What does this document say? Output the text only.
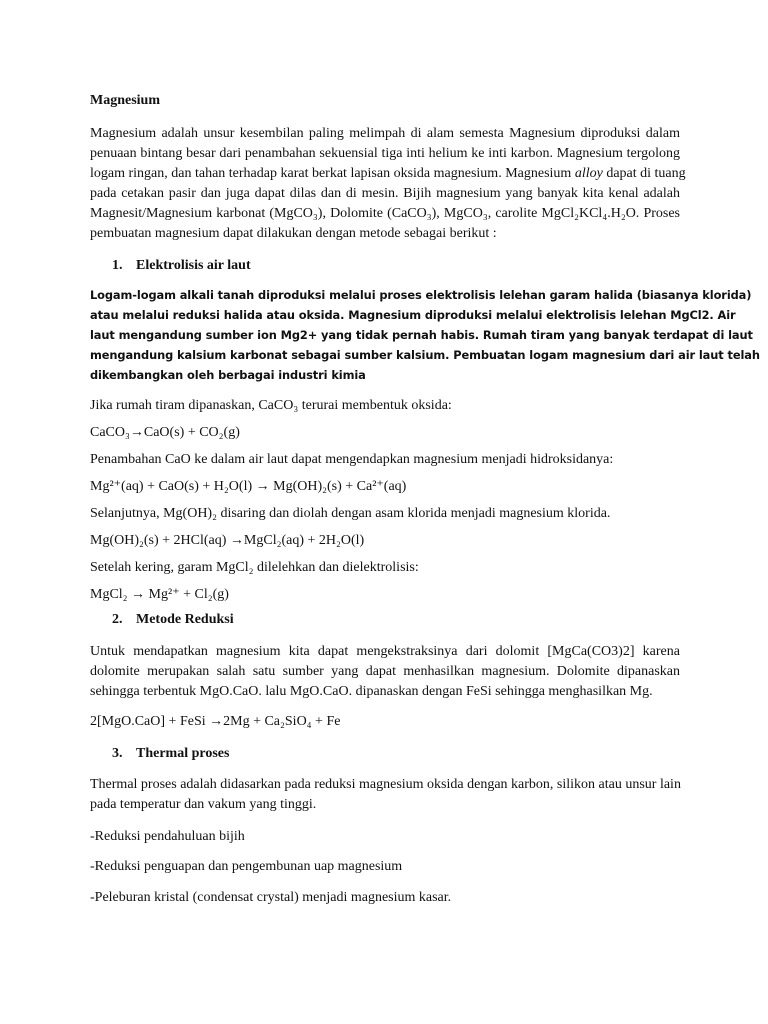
Magnesium
Magnesium adalah unsur kesembilan paling melimpah di alam semesta Magnesium diproduksi dalam
penuaan bintang besar dari penambahan sekuensial tiga inti helium ke inti karbon. Magnesium tergolong
logam ringan, dan tahan terhadap karat berkat lapisan oksida magnesium. Magnesium alloy dapat di tuang
pada cetakan pasir dan juga dapat dilas dan di mesin. Bijih magnesium yang banyak kita kenal adalah
Magnesit/Magnesium karbonat (MgCO₃), Dolomite (CaCO₃), MgCO₃, carolite MgCl₂KCl₄.H₂O. Proses
pembuatan magnesium dapat dilakukan dengan metode sebagai berikut :
1. Elektrolisis air laut
Logam-logam alkali tanah diproduksi melalui proses elektrolisis lelehan garam halida (biasanya klorida)
atau melalui reduksi halida atau oksida. Magnesium diproduksi melalui elektrolisis lelehan MgCl2. Air
laut mengandung sumber ion Mg2+ yang tidak pernah habis. Rumah tiram yang banyak terdapat di laut
mengandung kalsium karbonat sebagai sumber kalsium. Pembuatan logam magnesium dari air laut telah
dikembangkan oleh berbagai industri kimia
Jika rumah tiram dipanaskan, CaCO₃ terurai membentuk oksida:
CaCO₃→CaO(s) + CO₂(g)
Penambahan CaO ke dalam air laut dapat mengendapkan magnesium menjadi hidroksidanya:
Mg²⁺(aq) + CaO(s) + H₂O(l) → Mg(OH)₂(s) + Ca²⁺(aq)
Selanjutnya, Mg(OH)₂ disaring dan diolah dengan asam klorida menjadi magnesium klorida.
Mg(OH)₂(s) + 2HCl(aq) →MgCl₂(aq) + 2H₂O(l)
Setelah kering, garam MgCl₂ dilelehkan dan dielektrolisis:
MgCl₂ → Mg²⁺ + Cl₂(g)
2. Metode Reduksi
Untuk mendapatkan magnesium kita dapat mengekstraksinya dari dolomit [MgCa(CO3)2] karena
dolomite merupakan salah satu sumber yang dapat menhasilkan magnesium. Dolomite dipanaskan
sehingga terbentuk MgO.CaO. lalu MgO.CaO. dipanaskan dengan FeSi sehingga menghasilkan Mg.
2[MgO.CaO] + FeSi →2Mg + Ca₂SiO₄ + Fe
3. Thermal proses
Thermal proses adalah didasarkan pada reduksi magnesium oksida dengan karbon, silikon atau unsur lain
pada temperatur dan vakum yang tinggi.
-Reduksi pendahuluan bijih
-Reduksi penguapan dan pengembunan uap magnesium
-Peleburan kristal (condensat crystal) menjadi magnesium kasar.
